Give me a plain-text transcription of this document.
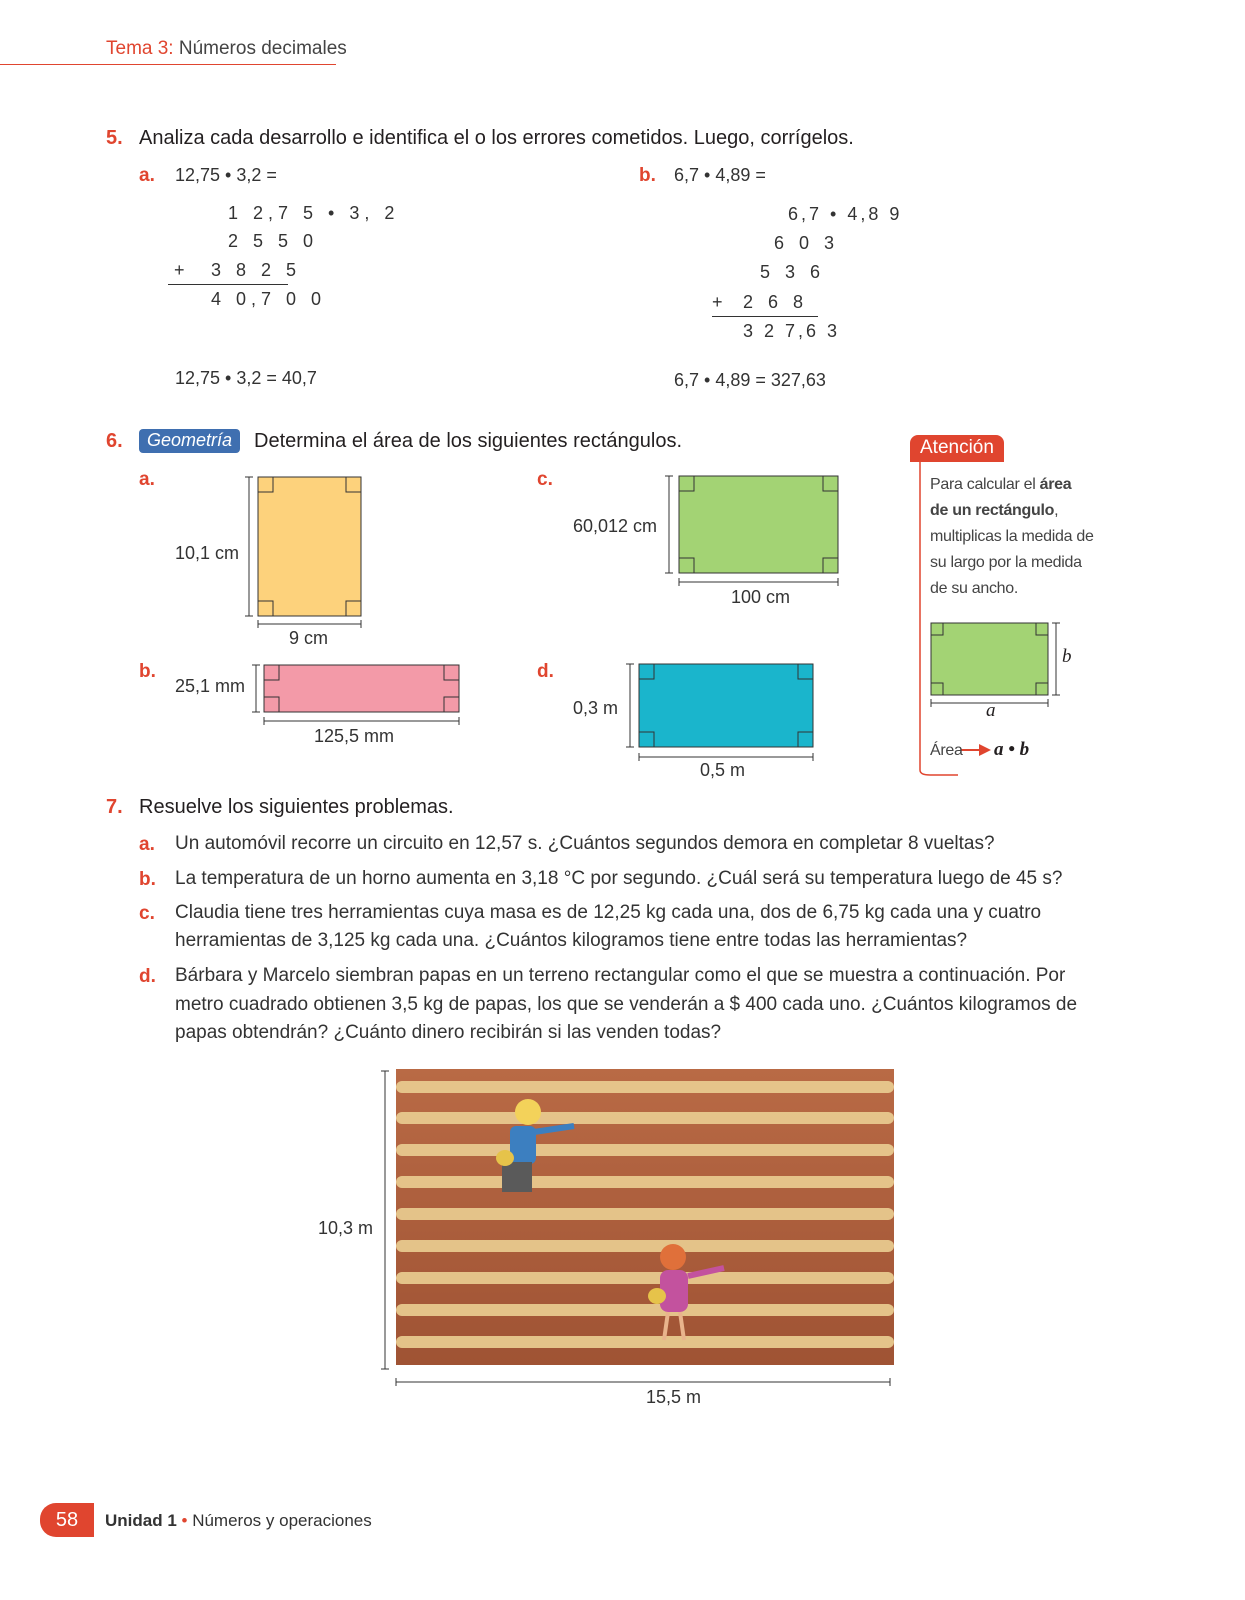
Tema 3: Números decimales
5. Analiza cada desarrollo e identifica el o los errores cometidos. Luego, corrígelos.
a. 12,75 • 3,2 =
1 2,7 5 • 3, 2
2 5 5 0
+ 3 8 2 5
4 0,7 0 0
12,75 • 3,2 = 40,7
b. 6,7 • 4,89 =
6,7 • 4,8 9
6 0 3
5 3 6
+ 2 6 8
3 2 7,6 3
6,7 • 4,89 = 327,63
6.	Geometría	Determina el área de los siguientes rectángulos.
a.
10,1 cm
9 cm
b.
25,1 mm
125,5 mm
c.
60,012 cm
100 cm
d.
0,3 m
0,5 m
Atención
Para calcular el área
de un rectángulo,
multiplicas la medida de
su largo por la medida
de su ancho.
b
a
Área a • b
7. Resuelve los siguientes problemas.
a. Un automóvil recorre un circuito en 12,57 s. ¿Cuántos segundos demora en completar 8 vueltas?
b. La temperatura de un horno aumenta en 3,18 °C por segundo. ¿Cuál será su temperatura luego de 45 s?
c. Claudia tiene tres herramientas cuya masa es de 12,25 kg cada una, dos de 6,75 kg cada una y cuatro
herramientas de 3,125 kg cada una. ¿Cuántos kilogramos tiene entre todas las herramientas?
d. Bárbara y Marcelo siembran papas en un terreno rectangular como el que se muestra a continuación. Por
metro cuadrado obtienen 3,5 kg de papas, los que se venderán a $ 400 cada uno. ¿Cuántos kilogramos de
papas obtendrán? ¿Cuánto dinero recibirán si las venden todas?
10,3 m
15,5 m
58	Unidad 1 • Números y operaciones
